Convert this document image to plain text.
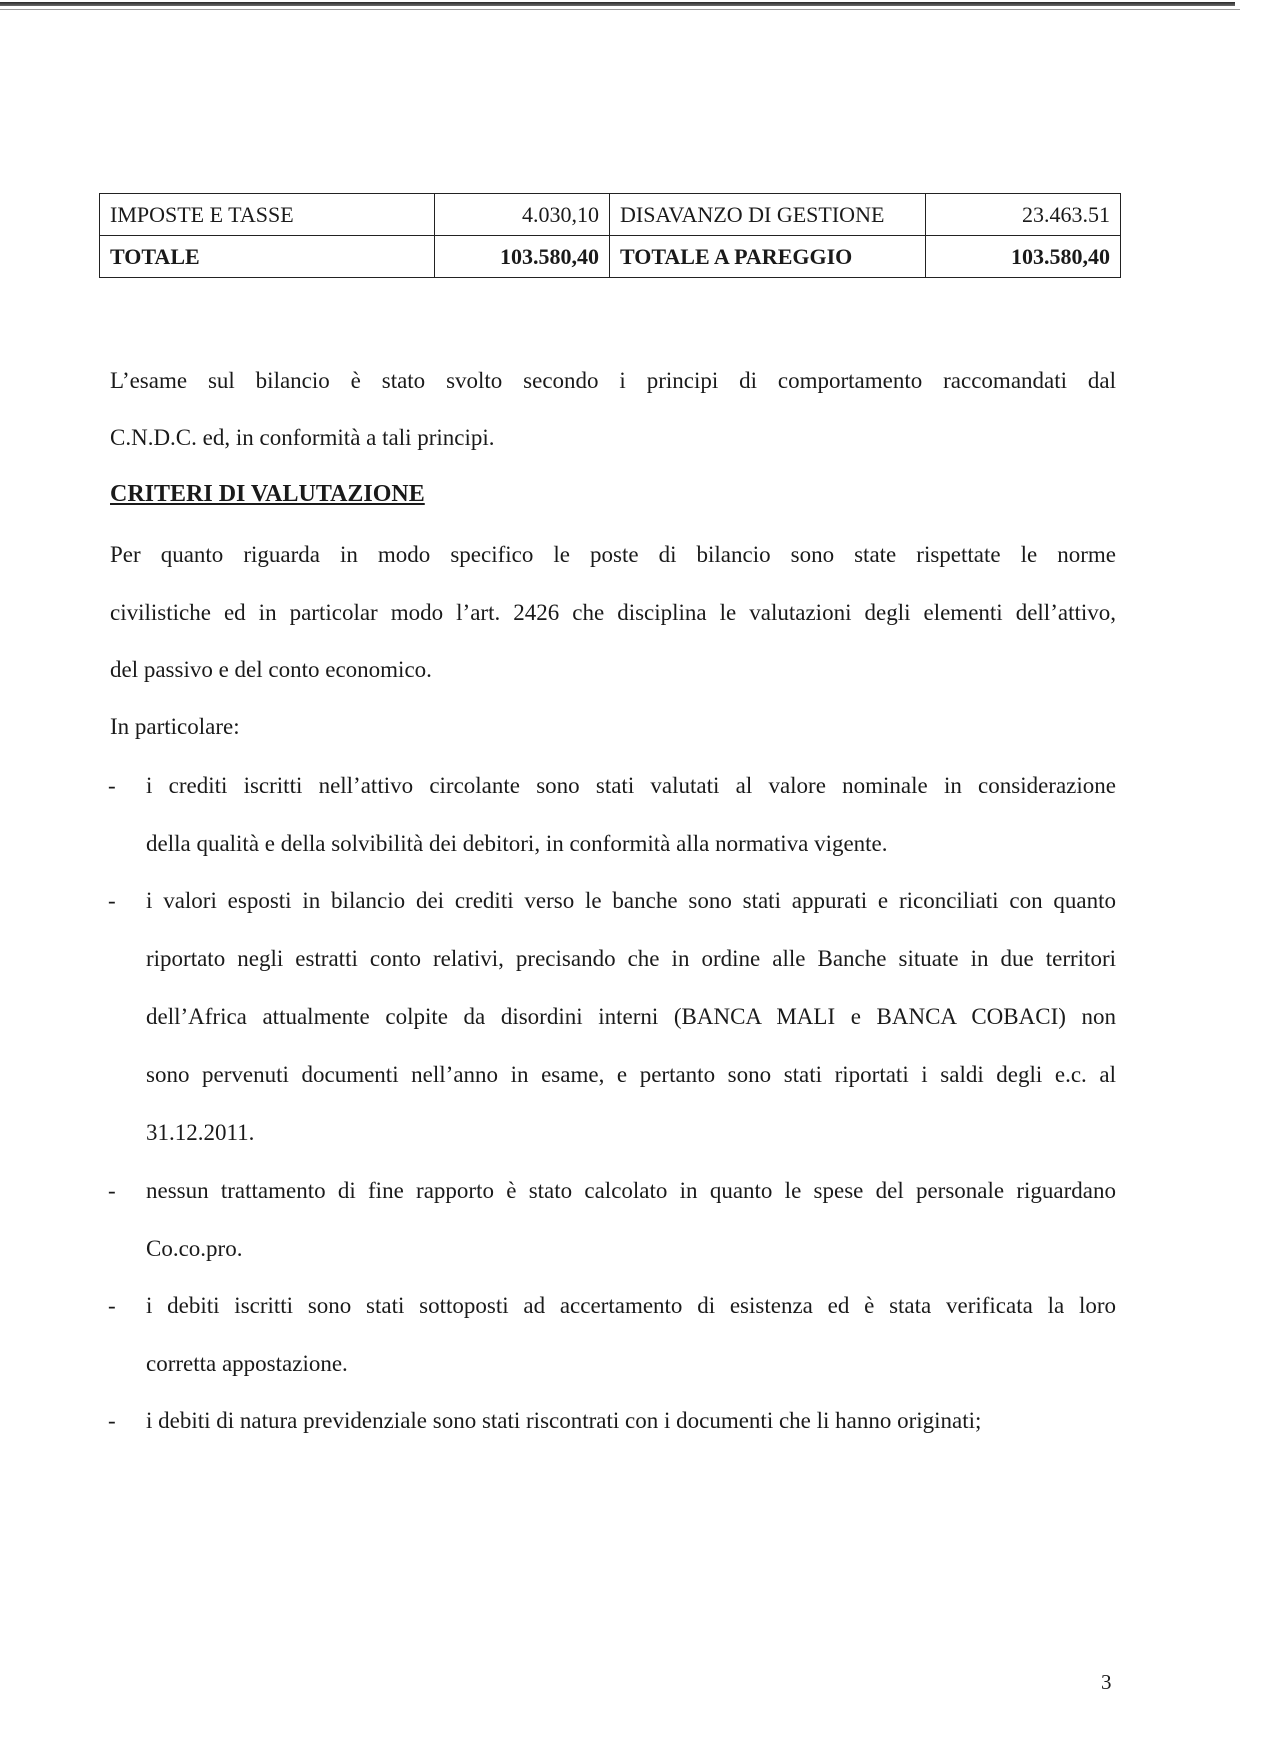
IMPOSTE E TASSE	4.030,10	DISAVANZO DI GESTIONE	23.463.51
TOTALE	103.580,40	TOTALE A PAREGGIO	103.580,40
L’esame sul bilancio è stato svolto secondo i principi di comportamento raccomandati dal
C.N.D.C. ed, in conformità a tali principi.
CRITERI DI VALUTAZIONE
Per quanto riguarda in modo specifico le poste di bilancio sono state rispettate le norme
civilistiche ed in particolar modo l’art. 2426 che disciplina le valutazioni degli elementi dell’attivo,
del passivo e del conto economico.
In particolare:
- i crediti iscritti nell’attivo circolante sono stati valutati al valore nominale in considerazione
della qualità e della solvibilità dei debitori, in conformità alla normativa vigente.
- i valori esposti in bilancio dei crediti verso le banche sono stati appurati e riconciliati con quanto
riportato negli estratti conto relativi, precisando che in ordine alle Banche situate in due territori
dell’Africa attualmente colpite da disordini interni (BANCA MALI e BANCA COBACI) non
sono pervenuti documenti nell’anno in esame, e pertanto sono stati riportati i saldi degli e.c. al
31.12.2011.
- nessun trattamento di fine rapporto è stato calcolato in quanto le spese del personale riguardano
Co.co.pro.
- i debiti iscritti sono stati sottoposti ad accertamento di esistenza ed è stata verificata la loro
corretta appostazione.
- i debiti di natura previdenziale sono stati riscontrati con i documenti che li hanno originati;
3
